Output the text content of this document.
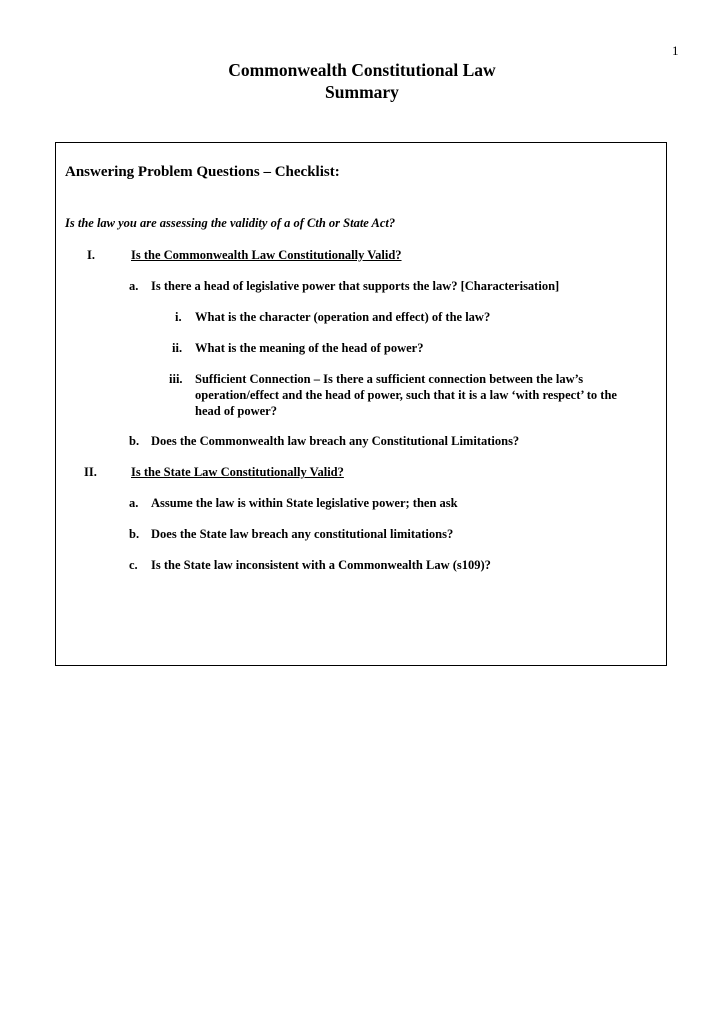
1
Commonwealth Constitutional Law
Summary
Answering Problem Questions – Checklist:
Is the law you are assessing the validity of a of Cth or State Act?
I.	Is the Commonwealth Law Constitutionally Valid?
a. Is there a head of legislative power that supports the law? [Characterisation]
i. What is the character (operation and effect) of the law?
ii. What is the meaning of the head of power?
iii. Sufficient Connection – Is there a sufficient connection between the law’s
operation/effect and the head of power, such that it is a law ‘with respect’ to the
head of power?
b. Does the Commonwealth law breach any Constitutional Limitations?
II.	Is the State Law Constitutionally Valid?
a. Assume the law is within State legislative power; then ask
b. Does the State law breach any constitutional limitations?
c. Is the State law inconsistent with a Commonwealth Law (s109)?
